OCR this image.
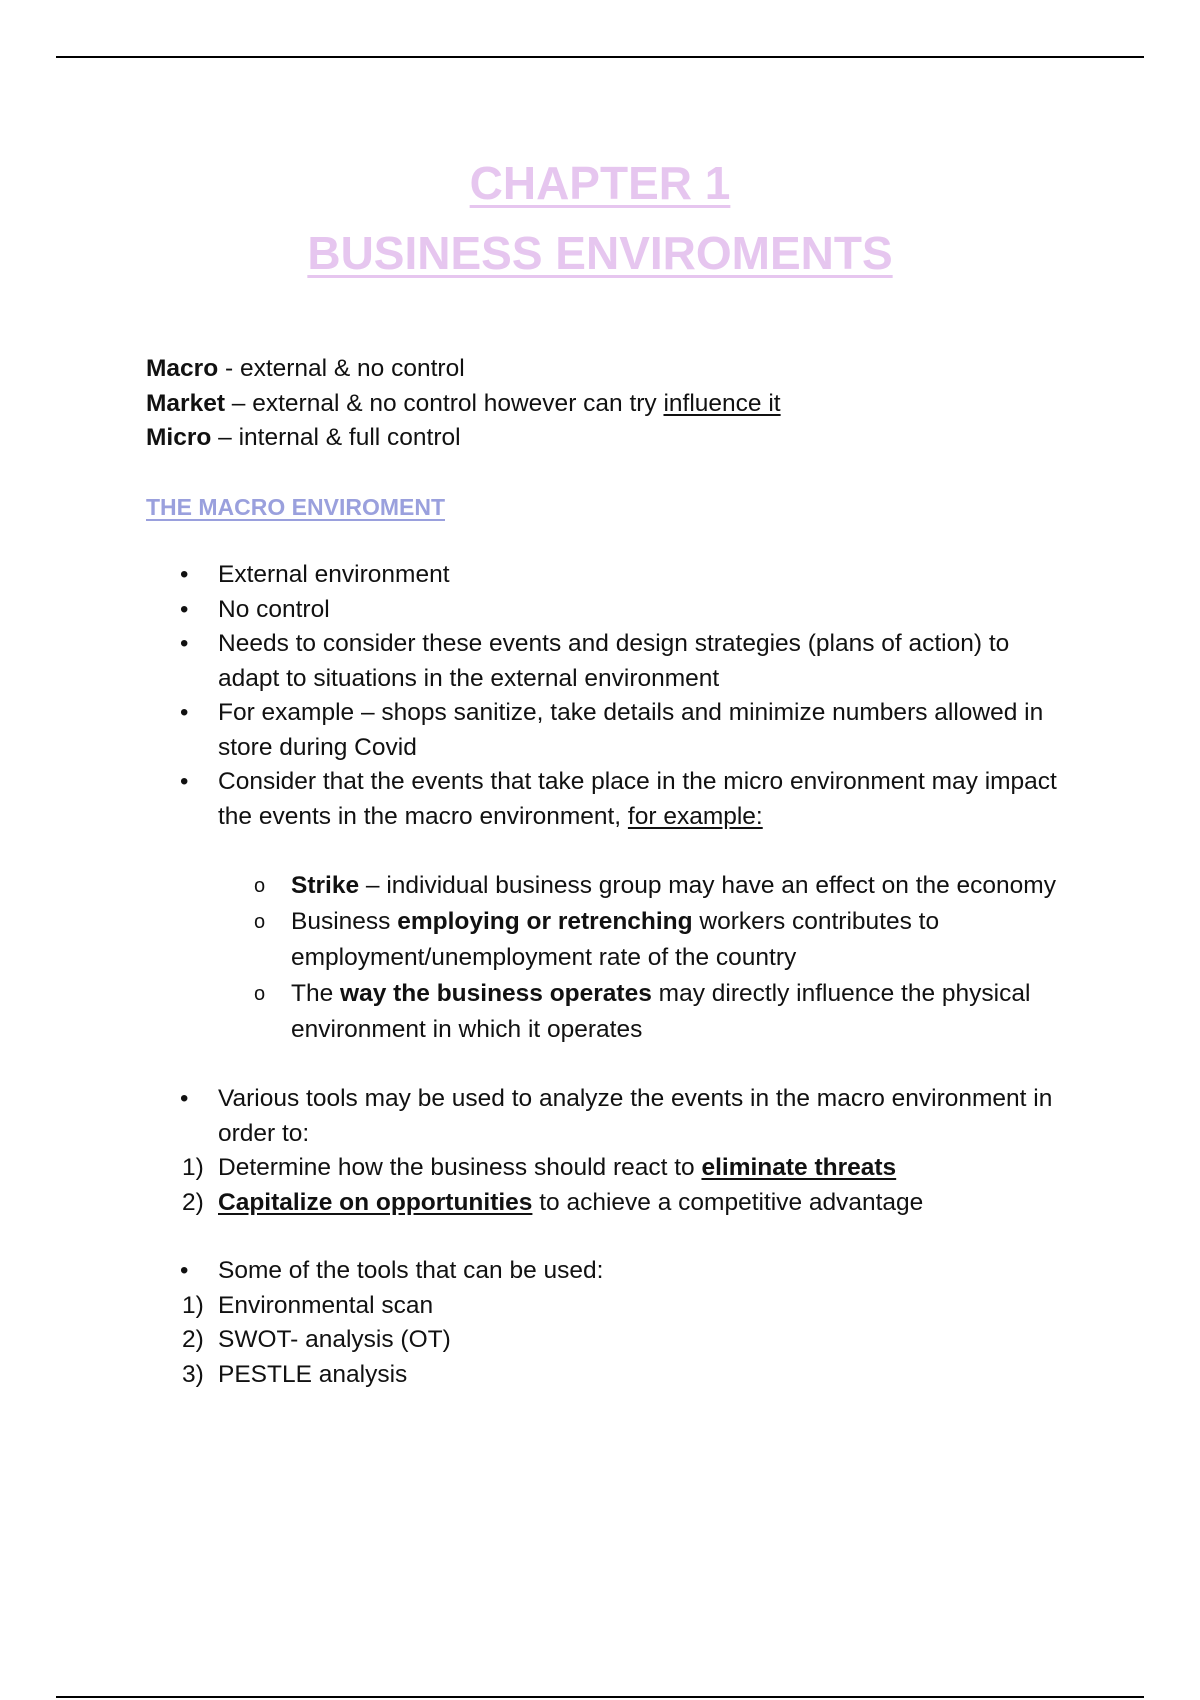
CHAPTER 1
BUSINESS ENVIROMENTS

Macro - external & no control

Market – external & no control however can try influence it

Micro – internal & full control

THE MACRO ENVIROMENT
• External environment
• No control
• Needs to consider these events and design strategies (plans of action) to adapt to situations in the external environment
• For example – shops sanitize, take details and minimize numbers allowed in store during Covid
• Consider that the events that take place in the micro environment may impact the events in the macro environment, for example:
o Strike – individual business group may have an effect on the economy
o Business employing or retrenching workers contributes to employment/unemployment rate of the country
o The way the business operates may directly influence the physical environment in which it operates
• Various tools may be used to analyze the events in the macro environment in order to:
1) Determine how the business should react to eliminate threats
2) Capitalize on opportunities to achieve a competitive advantage
• Some of the tools that can be used:
1) Environmental scan
2) SWOT- analysis (OT)
3) PESTLE analysis
